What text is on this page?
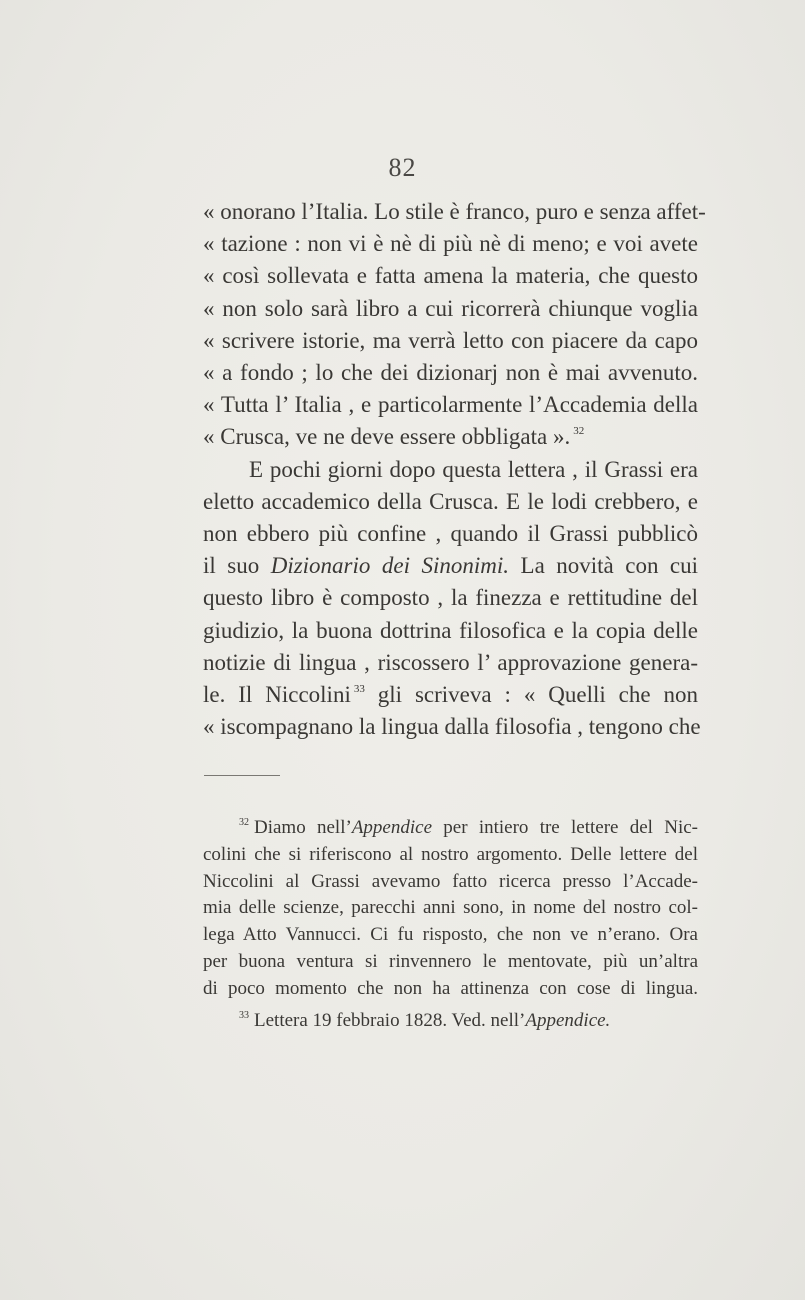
82
« onorano l’Italia. Lo stile è franco, puro e senza affet-
« tazione : non vi è nè di più nè di meno; e voi avete
« così sollevata e fatta amena la materia, che questo
« non solo sarà libro a cui ricorrerà chiunque voglia
« scrivere istorie, ma verrà letto con piacere da capo
« a fondo ; lo che dei dizionarj non è mai avvenuto.
« Tutta l’ Italia , e particolarmente l’Accademia della
« Crusca, ve ne deve essere obbligata ». $^{32}$
E pochi giorni dopo questa lettera , il Grassi era
eletto accademico della Crusca. E le lodi crebbero, e
non ebbero più confine , quando il Grassi pubblicò
il suo Dizionario dei Sinonimi. La novità con cui
questo libro è composto , la finezza e rettitudine del
giudizio, la buona dottrina filosofica e la copia delle
notizie di lingua , riscossero l’ approvazione genera-
le. Il Niccolini $^{33}$ gli scriveva : « Quelli che non
« iscompagnano la lingua dalla filosofia , tengono che
$^{32}$ Diamo nell’Appendice per intiero tre lettere del Nic-
colini che si riferiscono al nostro argomento. Delle lettere del
Niccolini al Grassi avevamo fatto ricerca presso l’Accade-
mia delle scienze, parecchi anni sono, in nome del nostro col-
lega Atto Vannucci. Ci fu risposto, che non ve n’erano. Ora
per buona ventura si rinvennero le mentovate, più un’altra
di poco momento che non ha attinenza con cose di lingua.
$^{33}$ Lettera 19 febbraio 1828. Ved. nell’Appendice.
